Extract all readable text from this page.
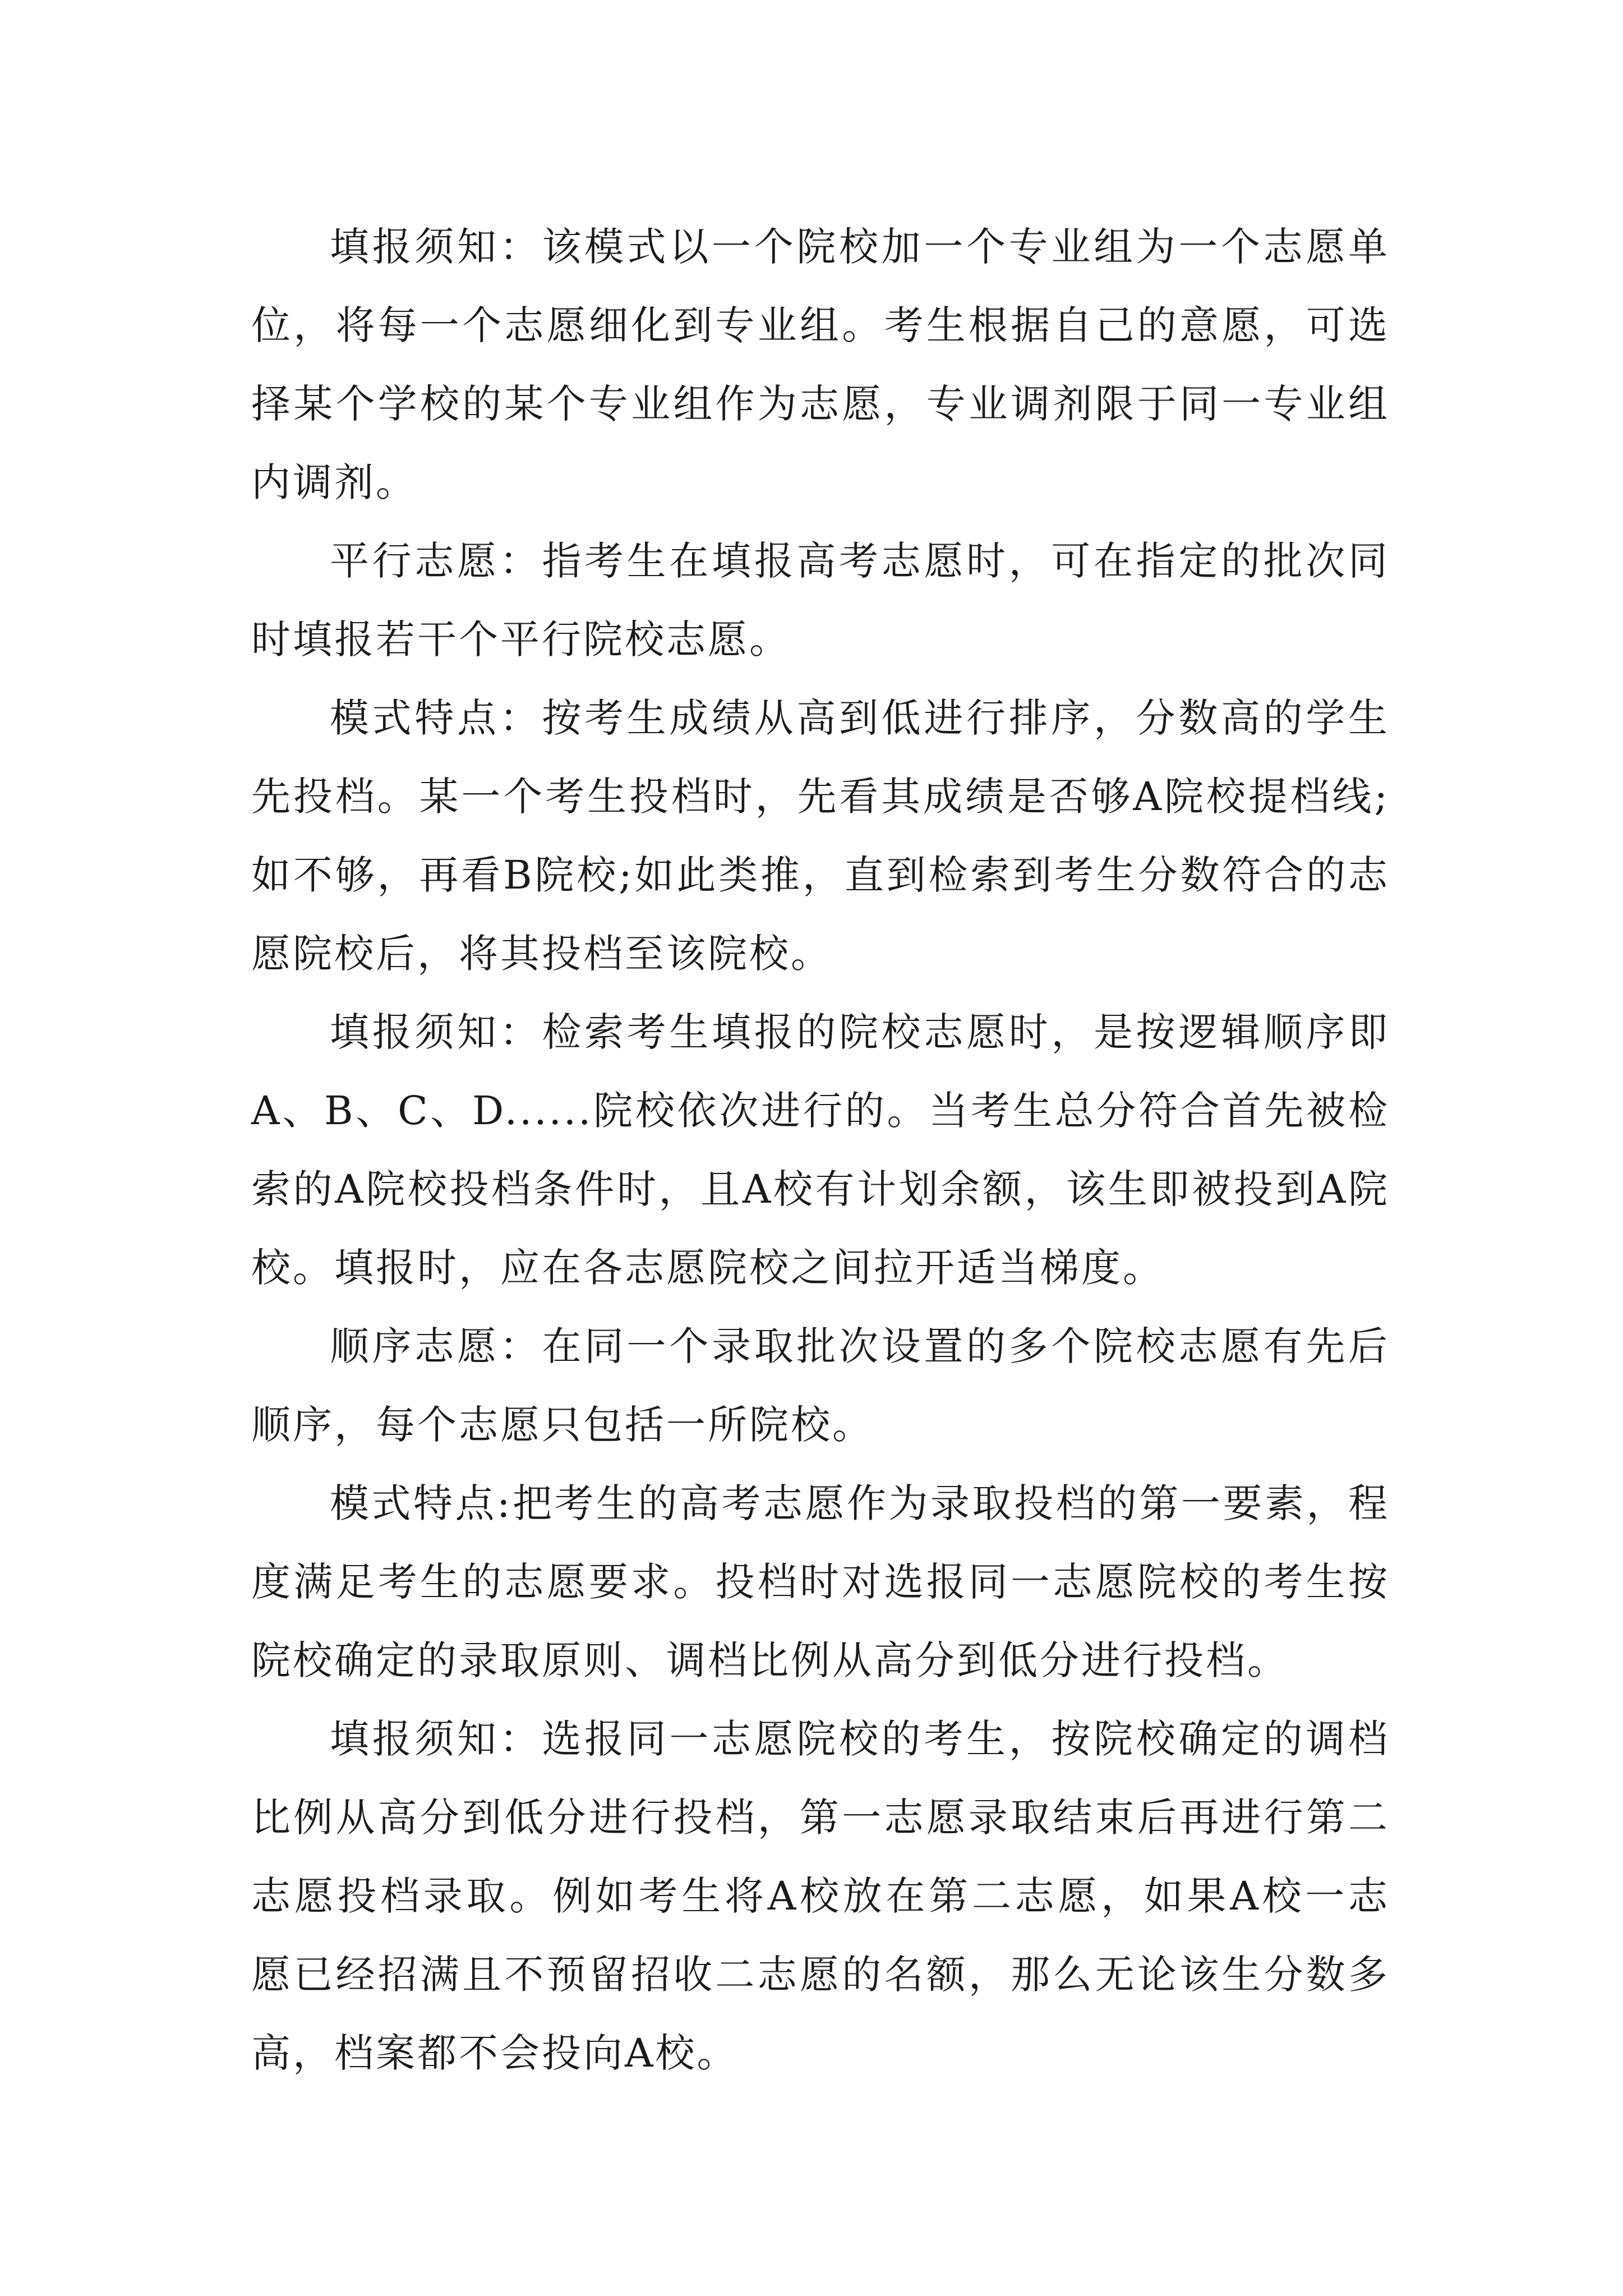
填报须知：该模式以一个院校加一个专业组为一个志愿单位，将每一个志愿细化到专业组。考生根据自己的意愿，可选择某个学校的某个专业组作为志愿，专业调剂限于同一专业组内调剂。

平行志愿：指考生在填报高考志愿时，可在指定的批次同时填报若干个平行院校志愿。

模式特点：按考生成绩从高到低进行排序，分数高的学生先投档。某一个考生投档时，先看其成绩是否够A院校提档线;如不够，再看B院校;如此类推，直到检索到考生分数符合的志愿院校后，将其投档至该院校。

填报须知：检索考生填报的院校志愿时，是按逻辑顺序即A、B、C、D......院校依次进行的。当考生总分符合首先被检索的A院校投档条件时，且A校有计划余额，该生即被投到A院校。填报时，应在各志愿院校之间拉开适当梯度。

顺序志愿：在同一个录取批次设置的多个院校志愿有先后顺序，每个志愿只包括一所院校。

模式特点:把考生的高考志愿作为录取投档的第一要素，程度满足考生的志愿要求。投档时对选报同一志愿院校的考生按院校确定的录取原则、调档比例从高分到低分进行投档。

填报须知：选报同一志愿院校的考生，按院校确定的调档比例从高分到低分进行投档，第一志愿录取结束后再进行第二志愿投档录取。例如考生将A校放在第二志愿，如果A校一志愿已经招满且不预留招收二志愿的名额，那么无论该生分数多高，档案都不会投向A校。
